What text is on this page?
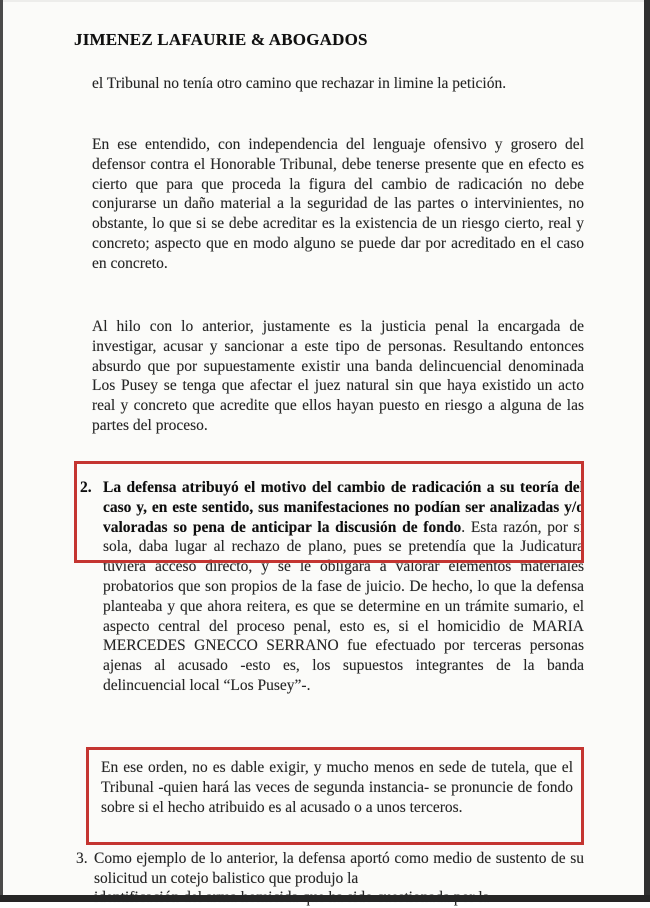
JIMENEZ LAFAURIE & ABOGADOS
el Tribunal no tenía otro camino que rechazar in limine la petición.
En ese entendido, con independencia del lenguaje ofensivo y grosero del defensor contra el Honorable Tribunal, debe tenerse presente que en efecto es cierto que para que proceda la figura del cambio de radicación no debe conjurarse un daño material a la seguridad de las partes o intervinientes, no obstante, lo que si se debe acreditar es la existencia de un riesgo cierto, real y concreto; aspecto que en modo alguno se puede dar por acreditado en el caso en concreto.
Al hilo con lo anterior, justamente es la justicia penal la encargada de investigar, acusar y sancionar a este tipo de personas. Resultando entonces absurdo que por supuestamente existir una banda delincuencial denominada Los Pusey se tenga que afectar el juez natural sin que haya existido un acto real y concreto que acredite que ellos hayan puesto en riesgo a alguna de las partes del proceso.
2. La defensa atribuyó el motivo del cambio de radicación a su teoría del caso y, en este sentido, sus manifestaciones no podían ser analizadas y/o valoradas so pena de anticipar la discusión de fondo. Esta razón, por si sola, daba lugar al rechazo de plano, pues se pretendía que la Judicatura tuviera acceso directo, y se le obligara a valorar elementos materiales probatorios que son propios de la fase de juicio. De hecho, lo que la defensa planteaba y que ahora reitera, es que se determine en un trámite sumario, el aspecto central del proceso penal, esto es, si el homicidio de MARIA MERCEDES GNECCO SERRANO fue efectuado por terceras personas ajenas al acusado -esto es, los supuestos integrantes de la banda delincuencial local “Los Pusey”-.
En ese orden, no es dable exigir, y mucho menos en sede de tutela, que el Tribunal -quien hará las veces de segunda instancia- se pronuncie de fondo sobre si el hecho atribuido es al acusado o a unos terceros.
3. Como ejemplo de lo anterior, la defensa aportó como medio de sustento de su solicitud un cotejo balistico que produjo la
